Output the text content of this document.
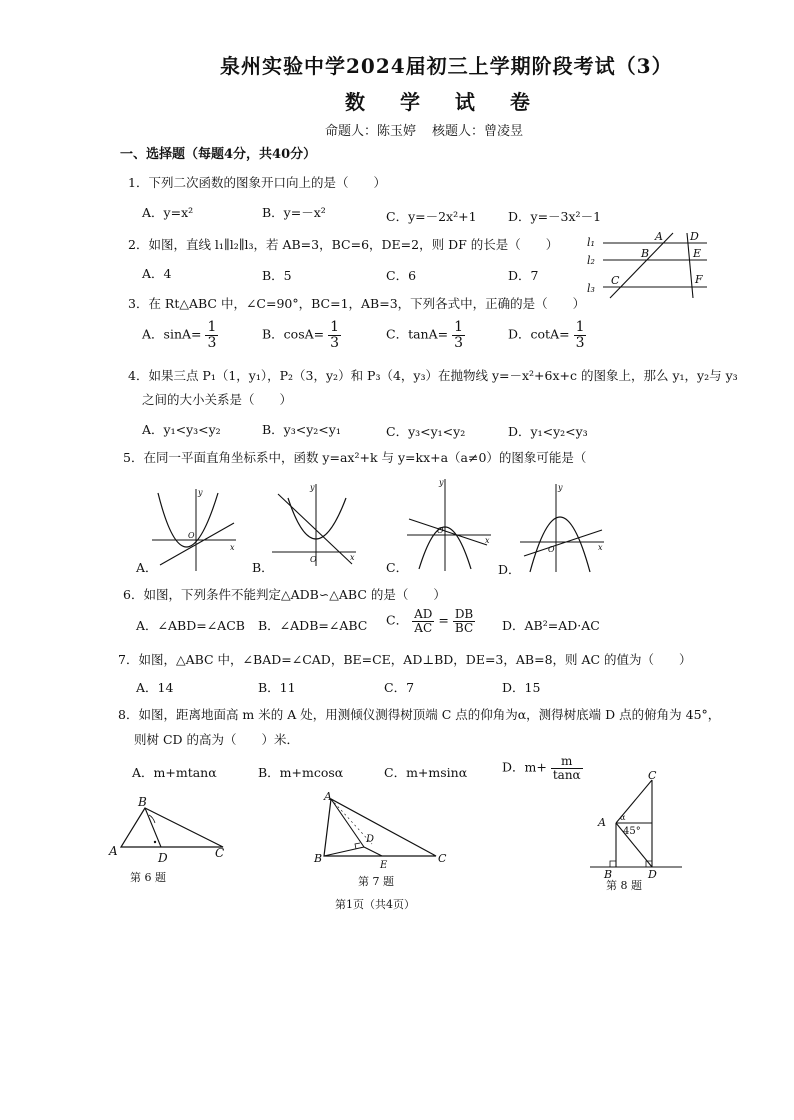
泉州实验中学2024届初三上学期阶段考试（3）
数 学 试 卷
命题人：陈玉婷 核题人：曾凌昱
一、选择题（每题4分，共40分）
1．下列二次函数的图象开口向上的是（　　）
A．y=x²	B．y=－x²	C．y=－2x²+1	D．y=－3x²－1
2．如图，直线 l₁∥l₂∥l₃，若 AB=3，BC=6，DE=2，则 DF 的长是（　　）
A．4	B．5	C．6	D．7
l₁
l₂
l₃
A
B
C
D
E
F
3．在 Rt△ABC 中，∠C=90°，BC=1，AB=3，下列各式中，正确的是（　　）
A．$\sin A= \frac{1}{3}$	B．$\cos A= \frac{1}{3}$	C．$\tan A= \frac{1}{3}$	D．$\cot A= \frac{1}{3}$
4．如果三点 P₁（1，y₁），P₂（3，y₂）和 P₃（4，y₃）在抛物线 y=－x²+6x+c 的图象上，那么 y₁，y₂与 y₃
之间的大小关系是（　　）
A．y₁<y₃<y₂	B．y₃<y₂<y₁	C．y₃<y₁<y₂	D．y₁<y₂<y₃
5．在同一平面直角坐标系中，函数 y=ax²+k 与 y=kx+a（a≠0）的图象可能是（
A．
x
y
O
B．
x
y
O
C．
x
y
O
D．
x
y
O
6．如图，下列条件不能判定△ADB∽△ABC 的是（　　）
A．∠ABD=∠ACB B．∠ADB=∠ABC C． $\frac{AD}{AC} = \frac{DB}{BC}$ D．AB²=AD·AC
7．如图，△ABC 中，∠BAD=∠CAD，BE=CE，AD⊥BD，DE=3，AB=8，则 AC 的值为（　　）
A．14	B．11	C．7	D．15
8．如图，距离地面高 m 米的 A 处，用测倾仪测得树顶端 C 点的仰角为α，测得树底端 D 点的俯角为 45°，
则树 CD 的高为（　　）米．
A．m+mtanα	B．m+mcosα	C．m+msinα	D．$m+ \frac{m}{\tan\alpha}$
B
A	D	C
第 6 题
A
B
D
E
C
第 7 题
C
A α
45°
B	D
第 8 题
第1页（共4页）
